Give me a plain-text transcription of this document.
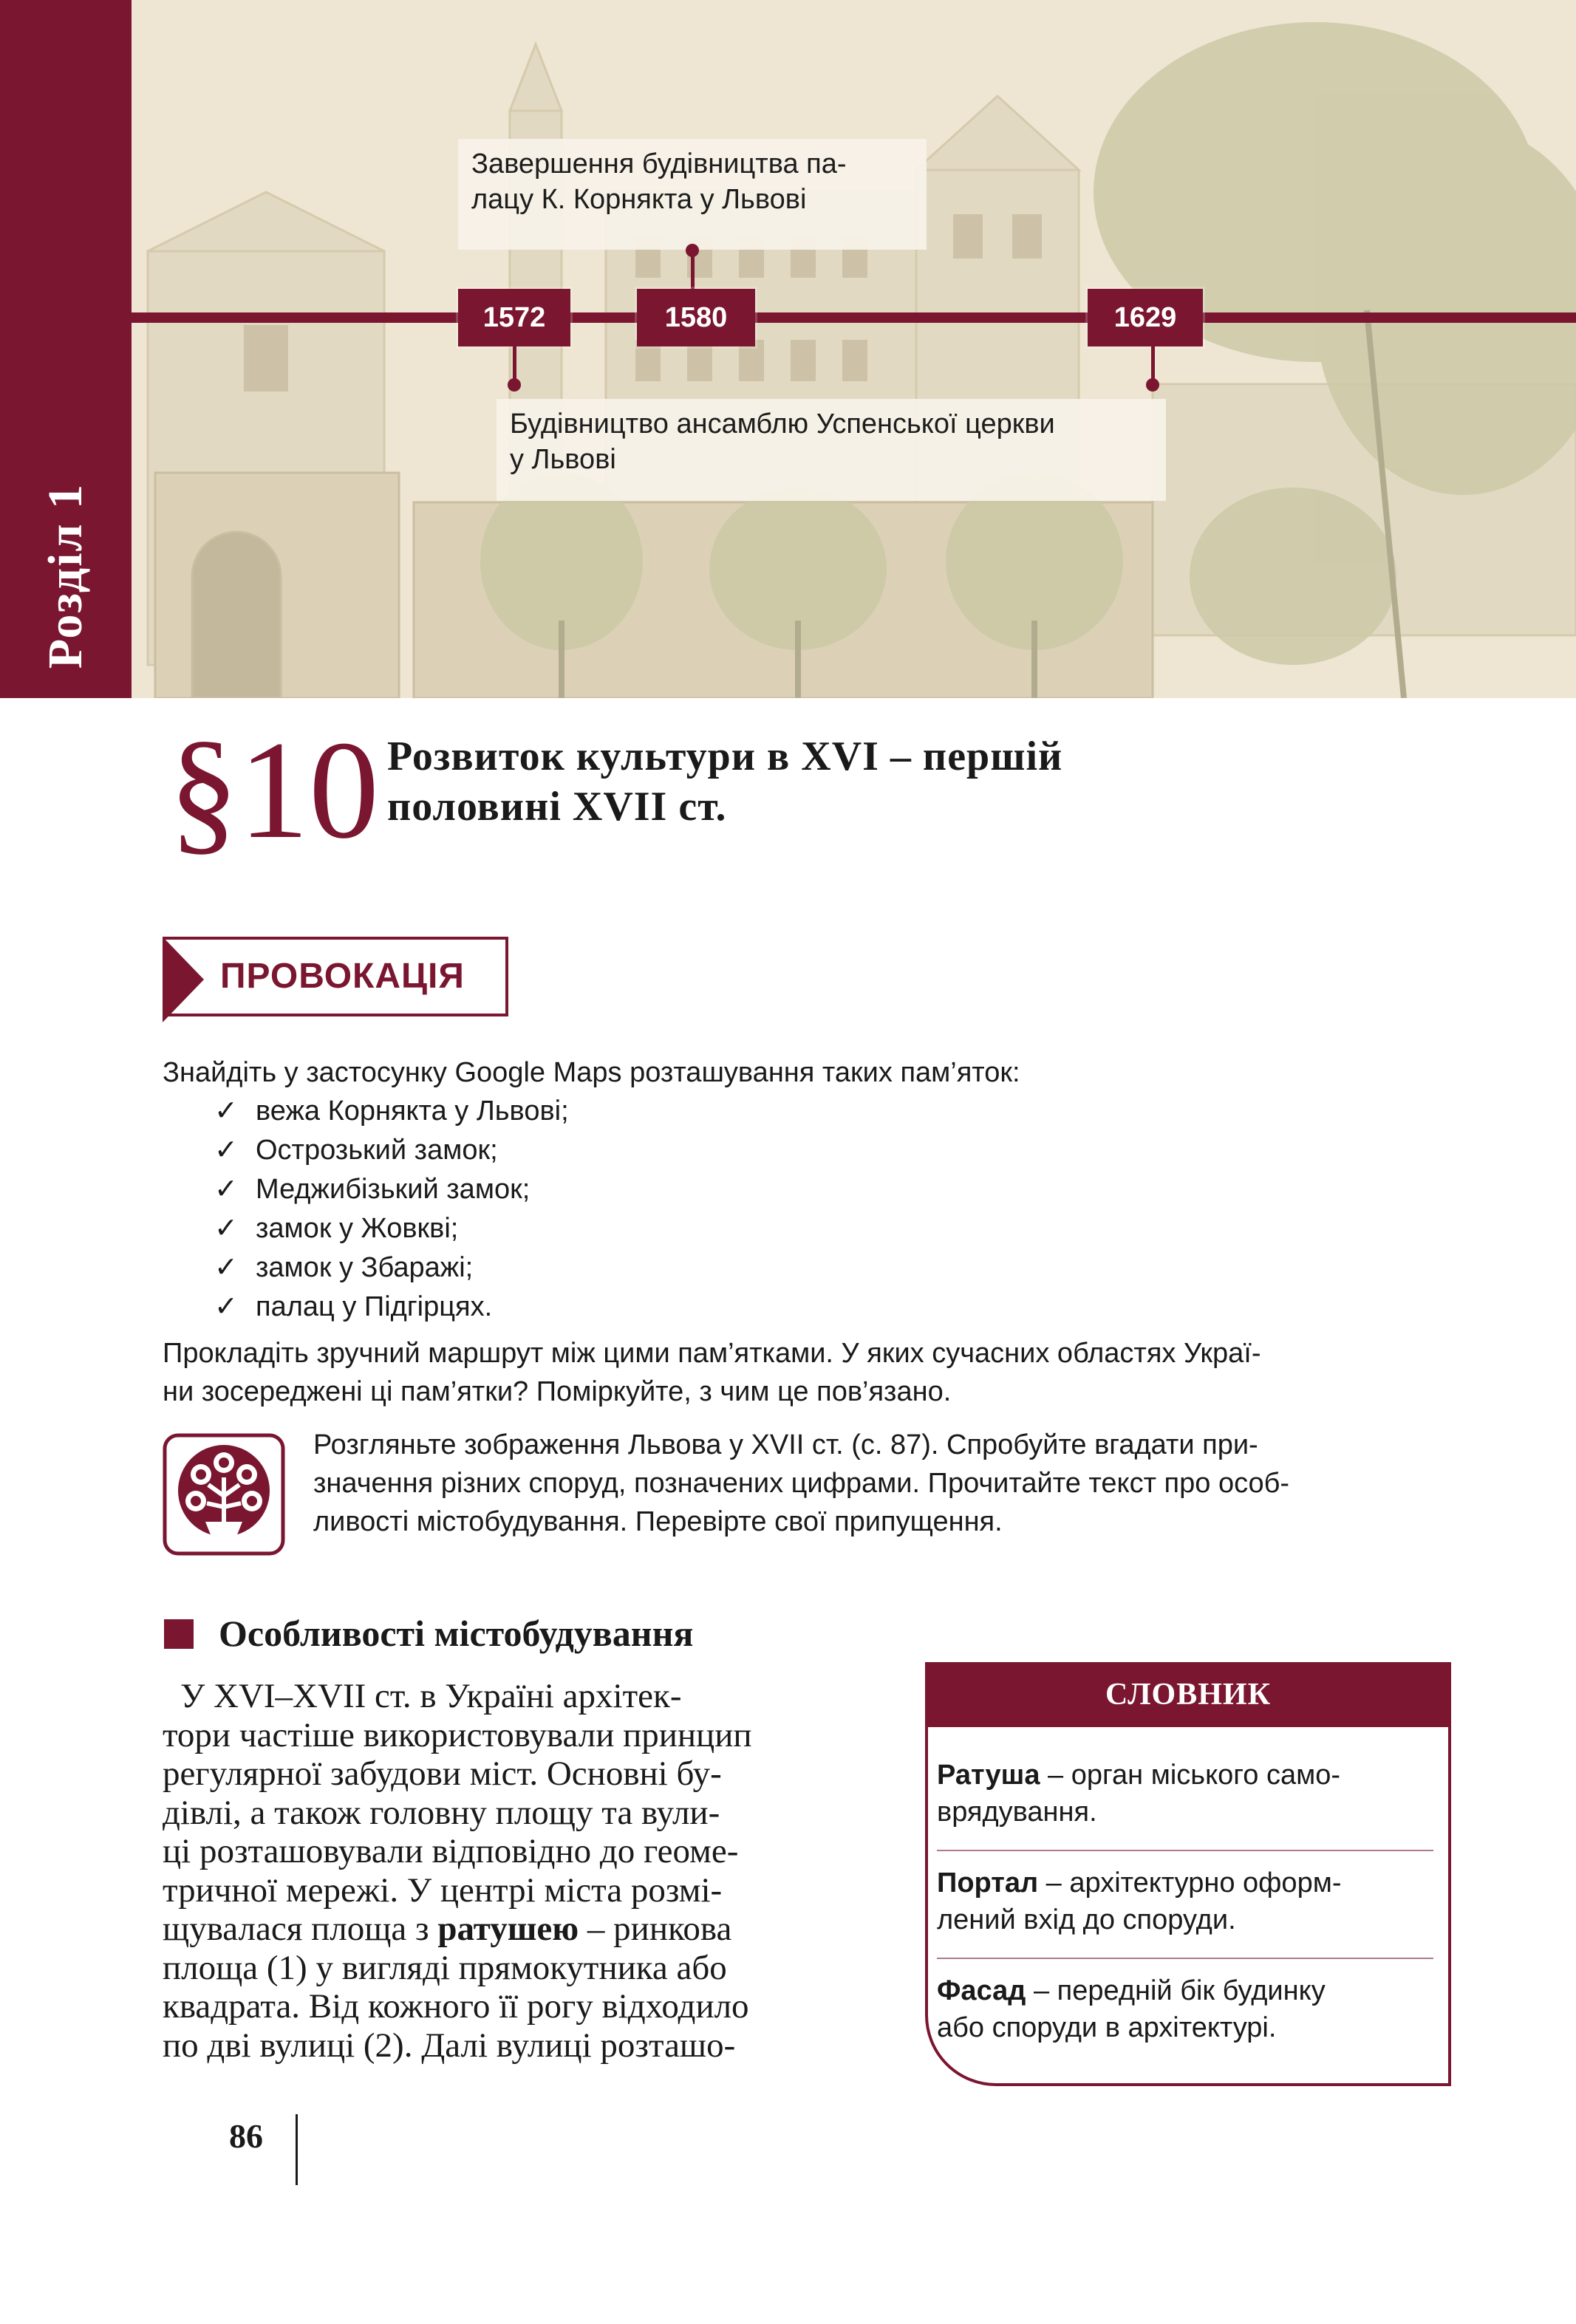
Розділ 1
Завершення будівництва па-
лацу К. Корнякта у Львові
1572	1580	1629
Будівництво ансамблю Успенської церкви
у Львові
§10 Розвиток культури в XVI – першій
половині XVII ст.
ПРОВОКАЦІЯ
Знайдіть у застосунку Google Maps розташування таких пам’яток:
✓ вежа Корнякта у Львові;
✓ Острозький замок;
✓ Меджибізький замок;
✓ замок у Жовкві;
✓ замок у Збаражі;
✓ палац у Підгірцях.
Прокладіть зручний маршрут між цими пам’ятками. У яких сучасних областях Украї-
ни зосереджені ці пам’ятки? Поміркуйте, з чим це пов’язано.
Розгляньте зображення Львова у XVII ст. (с. 87). Спробуйте вгадати при-
значення різних споруд, позначених цифрами. Прочитайте текст про особ-
ливості містобудування. Перевірте свої припущення.
Особливості містобудування

У XVI–XVII ст. в Україні архітек-

тори частіше використовували принцип

регулярної забудови міст. Основні бу-

дівлі, а також головну площу та вули-

ці розташовували відповідно до геоме-

тричної мережі. У центрі міста розмі-

щувалася площа з ратушею – ринкова

площа (1) у вигляді прямокутника або

квадрата. Від кожного її рогу відходило

по дві вулиці (2). Далі вулиці розташо-

СЛОВНИК
Ратуша – орган міського само-
врядування.
Портал – архітектурно оформ-
лений вхід до споруди.
Фасад – передній бік будинку
або споруди в архітектурі.
86
